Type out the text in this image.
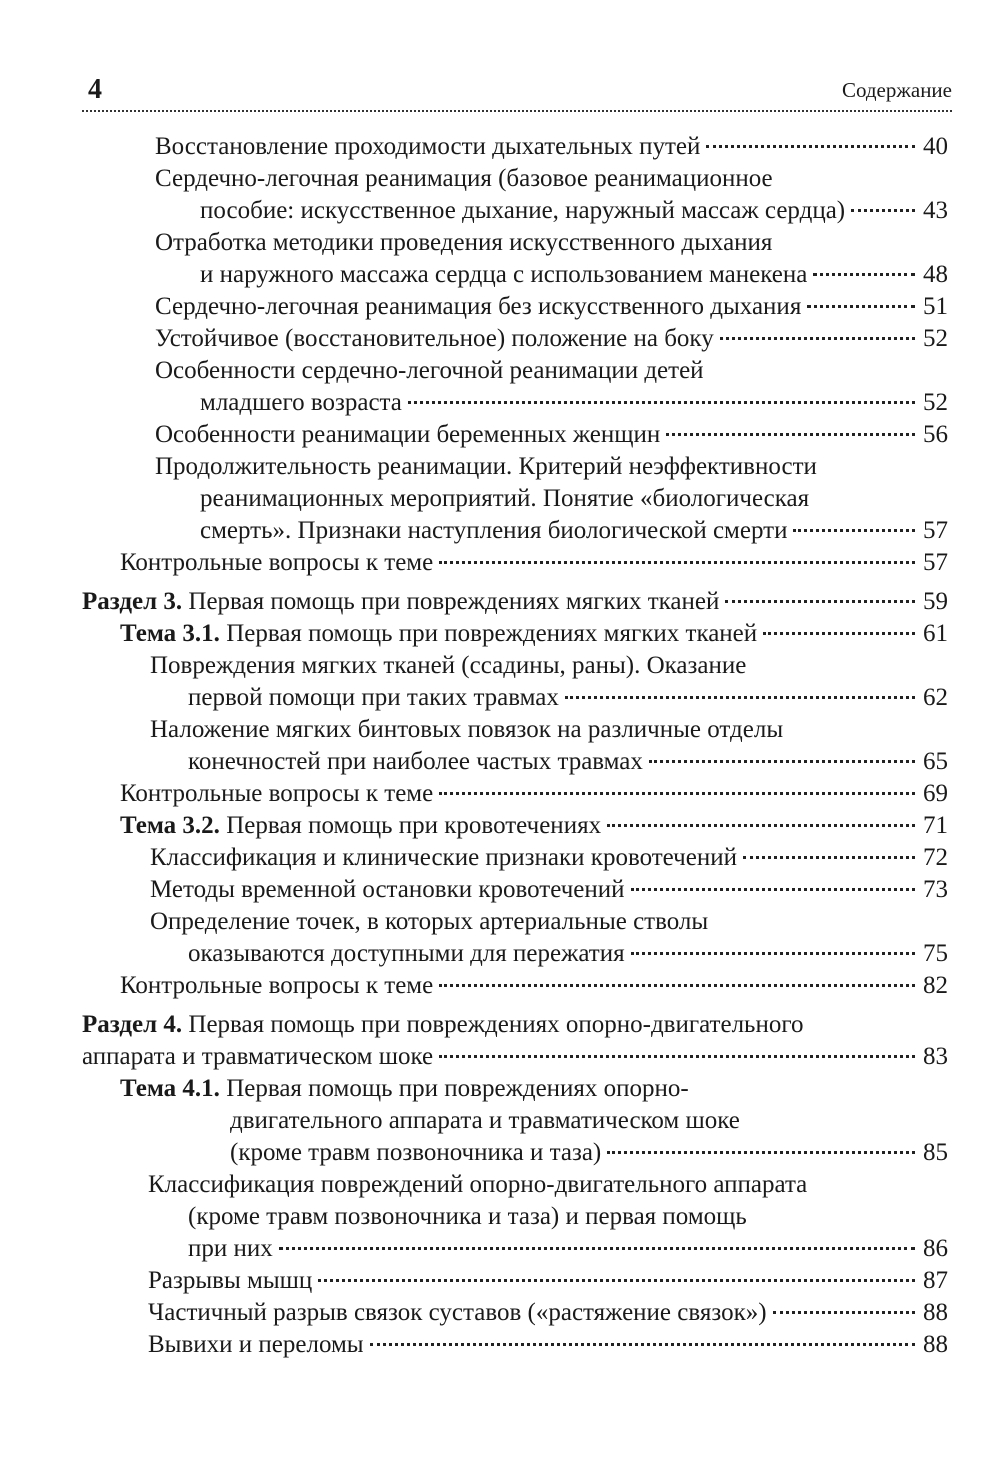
4	Содержание
Восстановление проходимости дыхательных путей	40
Сердечно-легочная реанимация (базовое реанимационное
пособие: искусственное дыхание, наружный массаж сердца)	43
Отработка методики проведения искусственного дыхания
и наружного массажа сердца с использованием манекена	48
Сердечно-легочная реанимация без искусственного дыхания	51
Устойчивое (восстановительное) положение на боку	52
Особенности сердечно-легочной реанимации детей
младшего возраста	52
Особенности реанимации беременных женщин	56
Продолжительность реанимации. Критерий неэффективности
реанимационных мероприятий. Понятие «биологическая
смерть». Признаки наступления биологической смерти	57
Контрольные вопросы к теме	57
Раздел 3. Первая помощь при повреждениях мягких тканей	59
Тема 3.1. Первая помощь при повреждениях мягких тканей	61
Повреждения мягких тканей (ссадины, раны). Оказание
первой помощи при таких травмах	62
Наложение мягких бинтовых повязок на различные отделы
конечностей при наиболее частых травмах	65
Контрольные вопросы к теме	69
Тема 3.2. Первая помощь при кровотечениях	71
Классификация и клинические признаки кровотечений	72
Методы временной остановки кровотечений	73
Определение точек, в которых артериальные стволы
оказываются доступными для пережатия	75
Контрольные вопросы к теме	82
Раздел 4. Первая помощь при повреждениях опорно-двигательного
аппарата и травматическом шоке	83
Тема 4.1. Первая помощь при повреждениях опорно-
двигательного аппарата и травматическом шоке
(кроме травм позвоночника и таза)	85
Классификация повреждений опорно-двигательного аппарата
(кроме травм позвоночника и таза) и первая помощь
при них	86
Разрывы мышц	87
Частичный разрыв связок суставов («растяжение связок»)	88
Вывихи и переломы	88
